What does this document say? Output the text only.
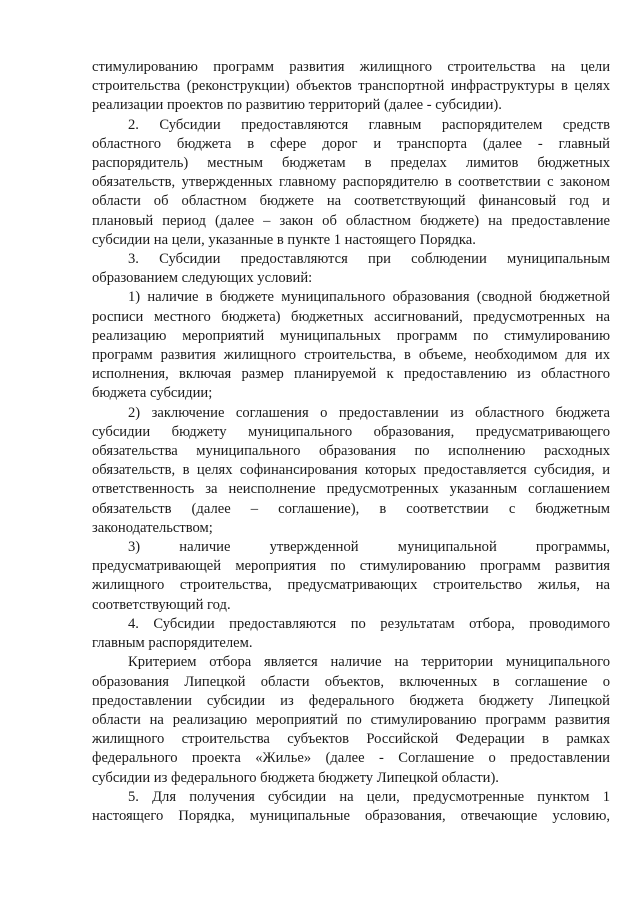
стимулированию программ развития жилищного строительства на цели
строительства (реконструкции) объектов транспортной инфраструктуры в целях
реализации проектов по развитию территорий (далее - субсидии).
2. Субсидии предоставляются главным распорядителем средств
областного бюджета в сфере дорог и транспорта (далее - главный
распорядитель) местным бюджетам в пределах лимитов бюджетных
обязательств, утвержденных главному распорядителю в соответствии с законом
области об областном бюджете на соответствующий финансовый год и
плановый период (далее – закон об областном бюджете) на предоставление
субсидии на цели, указанные в пункте 1 настоящего Порядка.
3. Субсидии предоставляются при соблюдении муниципальным
образованием следующих условий:
1) наличие в бюджете муниципального образования (сводной бюджетной
росписи местного бюджета) бюджетных ассигнований, предусмотренных на
реализацию мероприятий муниципальных программ по стимулированию
программ развития жилищного строительства, в объеме, необходимом для их
исполнения, включая размер планируемой к предоставлению из областного
бюджета субсидии;
2) заключение соглашения о предоставлении из областного бюджета
субсидии бюджету муниципального образования, предусматривающего
обязательства муниципального образования по исполнению расходных
обязательств, в целях софинансирования которых предоставляется субсидия, и
ответственность за неисполнение предусмотренных указанным соглашением
обязательств (далее – соглашение), в соответствии с бюджетным
законодательством;
3) наличие утвержденной муниципальной программы,
предусматривающей мероприятия по стимулированию программ развития
жилищного строительства, предусматривающих строительство жилья, на
соответствующий год.
4. Субсидии предоставляются по результатам отбора, проводимого
главным распорядителем.
Критерием отбора является наличие на территории муниципального
образования Липецкой области объектов, включенных в соглашение о
предоставлении субсидии из федерального бюджета бюджету Липецкой
области на реализацию мероприятий по стимулированию программ развития
жилищного строительства субъектов Российской Федерации в рамках
федерального проекта «Жилье» (далее - Соглашение о предоставлении
субсидии из федерального бюджета бюджету Липецкой области).
5. Для получения субсидии на цели, предусмотренные пунктом 1
настоящего Порядка, муниципальные образования, отвечающие условию,
